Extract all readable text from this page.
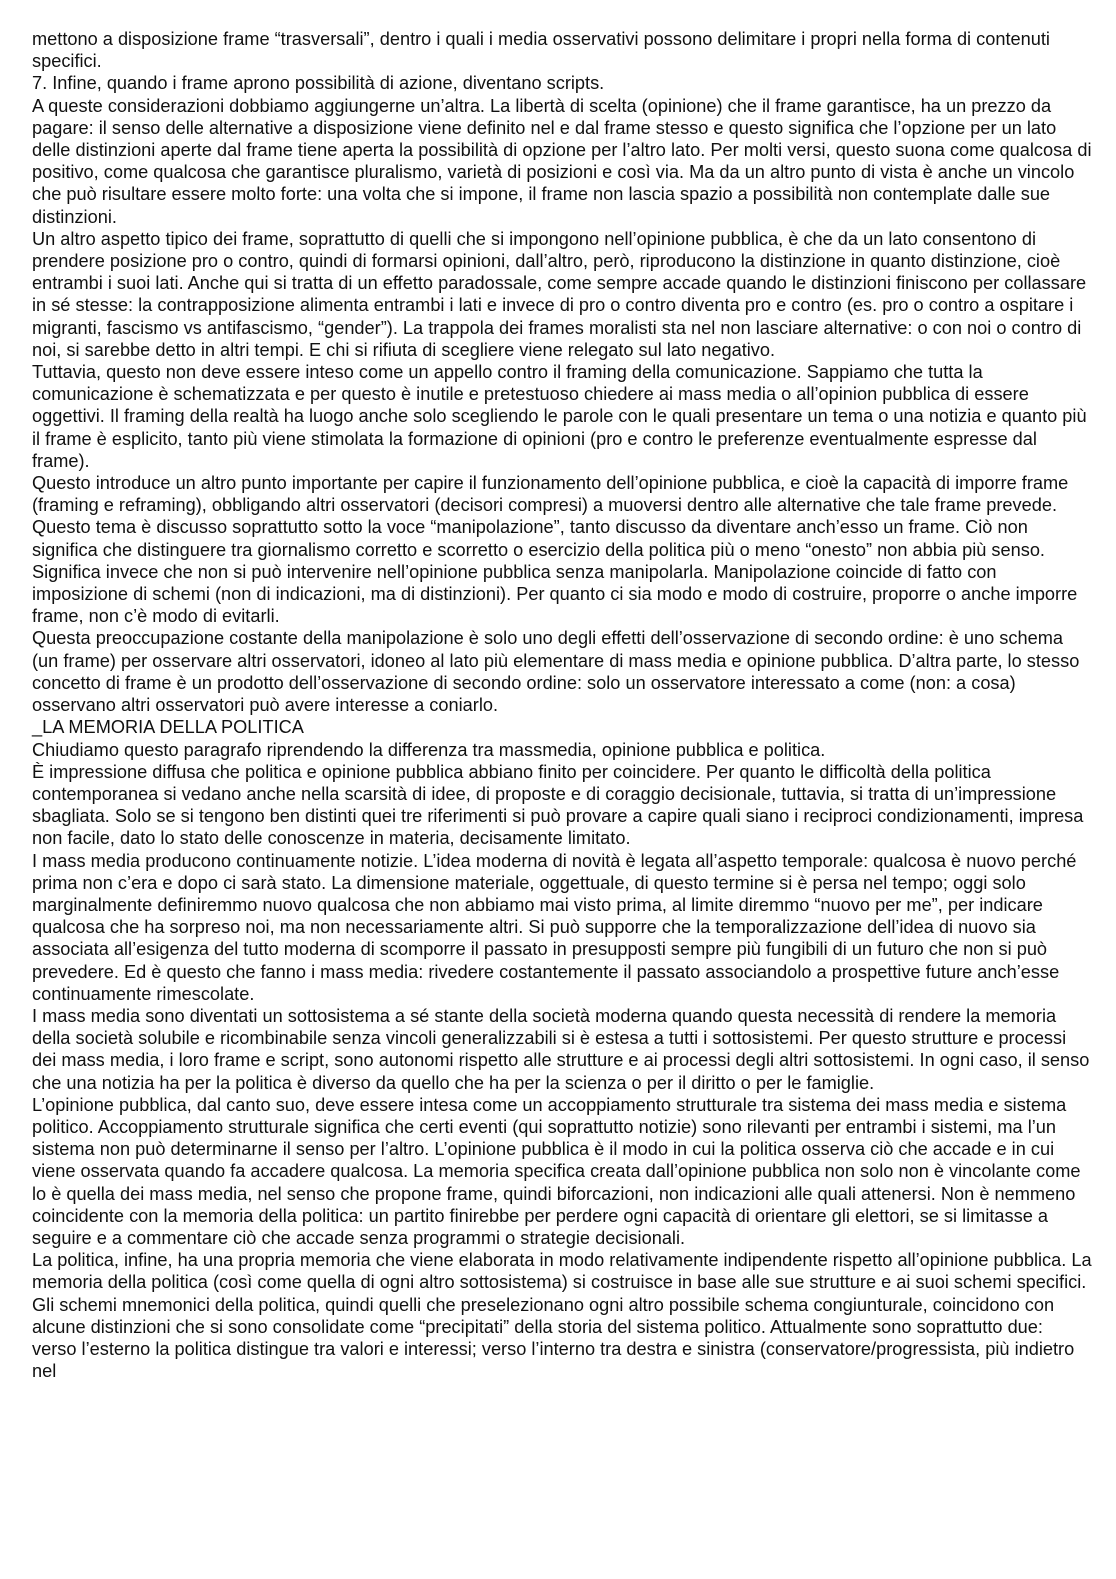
mettono a disposizione frame “trasversali”, dentro i quali i media osservativi possono delimitare i propri nella forma di contenuti specifici.

7. Infine, quando i frame aprono possibilità di azione, diventano scripts.

A queste considerazioni dobbiamo aggiungerne un’altra. La libertà di scelta (opinione) che il frame garantisce, ha un prezzo da pagare: il senso delle alternative a disposizione viene definito nel e dal frame stesso e questo significa che l’opzione per un lato delle distinzioni aperte dal frame tiene aperta la possibilità di opzione per l’altro lato. Per molti versi, questo suona come qualcosa di positivo, come qualcosa che garantisce pluralismo, varietà di posizioni e così via. Ma da un altro punto di vista è anche un vincolo che può risultare essere molto forte: una volta che si impone, il frame non lascia spazio a possibilità non contemplate dalle sue distinzioni.

Un altro aspetto tipico dei frame, soprattutto di quelli che si impongono nell’opinione pubblica, è che da un lato consentono di prendere posizione pro o contro, quindi di formarsi opinioni, dall’altro, però, riproducono la distinzione in quanto distinzione, cioè entrambi i suoi lati. Anche qui si tratta di un effetto paradossale, come sempre accade quando le distinzioni finiscono per collassare in sé stesse: la contrapposizione alimenta entrambi i lati e invece di pro o contro diventa pro e contro (es. pro o contro a ospitare i migranti, fascismo vs antifascismo, “gender”). La trappola dei frames moralisti sta nel non lasciare alternative: o con noi o contro di noi, si sarebbe detto in altri tempi. E chi si rifiuta di scegliere viene relegato sul lato negativo.

Tuttavia, questo non deve essere inteso come un appello contro il framing della comunicazione. Sappiamo che tutta la comunicazione è schematizzata e per questo è inutile e pretestuoso chiedere ai mass media o all’opinion pubblica di essere oggettivi. Il framing della realtà ha luogo anche solo scegliendo le parole con le quali presentare un tema o una notizia e quanto più il frame è esplicito, tanto più viene stimolata la formazione di opinioni (pro e contro le preferenze eventualmente espresse dal frame).

Questo introduce un altro punto importante per capire il funzionamento dell’opinione pubblica, e cioè la capacità di imporre frame (framing e reframing), obbligando altri osservatori (decisori compresi) a muoversi dentro alle alternative che tale frame prevede. Questo tema è discusso soprattutto sotto la voce “manipolazione”, tanto discusso da diventare anch’esso un frame. Ciò non significa che distinguere tra giornalismo corretto e scorretto o esercizio della politica più o meno “onesto” non abbia più senso. Significa invece che non si può intervenire nell’opinione pubblica senza manipolarla. Manipolazione coincide di fatto con imposizione di schemi (non di indicazioni, ma di distinzioni). Per quanto ci sia modo e modo di costruire, proporre o anche imporre frame, non c’è modo di evitarli.

Questa preoccupazione costante della manipolazione è solo uno degli effetti dell’osservazione di secondo ordine: è uno schema (un frame) per osservare altri osservatori, idoneo al lato più elementare di mass media e opinione pubblica. D’altra parte, lo stesso concetto di frame è un prodotto dell’osservazione di secondo ordine: solo un osservatore interessato a come (non: a cosa) osservano altri osservatori può avere interesse a coniarlo.

_LA MEMORIA DELLA POLITICA

Chiudiamo questo paragrafo riprendendo la differenza tra massmedia, opinione pubblica e politica.

È impressione diffusa che politica e opinione pubblica abbiano finito per coincidere. Per quanto le difficoltà della politica contemporanea si vedano anche nella scarsità di idee, di proposte e di coraggio decisionale, tuttavia, si tratta di un’impressione sbagliata. Solo se si tengono ben distinti quei tre riferimenti si può provare a capire quali siano i reciproci condizionamenti, impresa non facile, dato lo stato delle conoscenze in materia, decisamente limitato.

I mass media producono continuamente notizie. L’idea moderna di novità è legata all’aspetto temporale: qualcosa è nuovo perché prima non c’era e dopo ci sarà stato. La dimensione materiale, oggettuale, di questo termine si è persa nel tempo; oggi solo marginalmente definiremmo nuovo qualcosa che non abbiamo mai visto prima, al limite diremmo “nuovo per me”, per indicare qualcosa che ha sorpreso noi, ma non necessariamente altri. Si può supporre che la temporalizzazione dell’idea di nuovo sia associata all’esigenza del tutto moderna di scomporre il passato in presupposti sempre più fungibili di un futuro che non si può prevedere. Ed è questo che fanno i mass media: rivedere costantemente il passato associandolo a prospettive future anch’esse continuamente rimescolate.

I mass media sono diventati un sottosistema a sé stante della società moderna quando questa necessità di rendere la memoria della società solubile e ricombinabile senza vincoli generalizzabili si è estesa a tutti i sottosistemi. Per questo strutture e processi dei mass media, i loro frame e script, sono autonomi rispetto alle strutture e ai processi degli altri sottosistemi. In ogni caso, il senso che una notizia ha per la politica è diverso da quello che ha per la scienza o per il diritto o per le famiglie.

L’opinione pubblica, dal canto suo, deve essere intesa come un accoppiamento strutturale tra sistema dei mass media e sistema politico. Accoppiamento strutturale significa che certi eventi (qui soprattutto notizie) sono rilevanti per entrambi i sistemi, ma l’un sistema non può determinarne il senso per l’altro. L’opinione pubblica è il modo in cui la politica osserva ciò che accade e in cui viene osservata quando fa accadere qualcosa. La memoria specifica creata dall’opinione pubblica non solo non è vincolante come lo è quella dei mass media, nel senso che propone frame, quindi biforcazioni, non indicazioni alle quali attenersi. Non è nemmeno coincidente con la memoria della politica: un partito finirebbe per perdere ogni capacità di orientare gli elettori, se si limitasse a seguire e a commentare ciò che accade senza programmi o strategie decisionali.

La politica, infine, ha una propria memoria che viene elaborata in modo relativamente indipendente rispetto all’opinione pubblica. La memoria della politica (così come quella di ogni altro sottosistema) si costruisce in base alle sue strutture e ai suoi schemi specifici. Gli schemi mnemonici della politica, quindi quelli che preselezionano ogni altro possibile schema congiunturale, coincidono con alcune distinzioni che si sono consolidate come “precipitati” della storia del sistema politico. Attualmente sono soprattutto due: verso l’esterno la politica distingue tra valori e interessi; verso l’interno tra destra e sinistra (conservatore/progressista, più indietro nel
